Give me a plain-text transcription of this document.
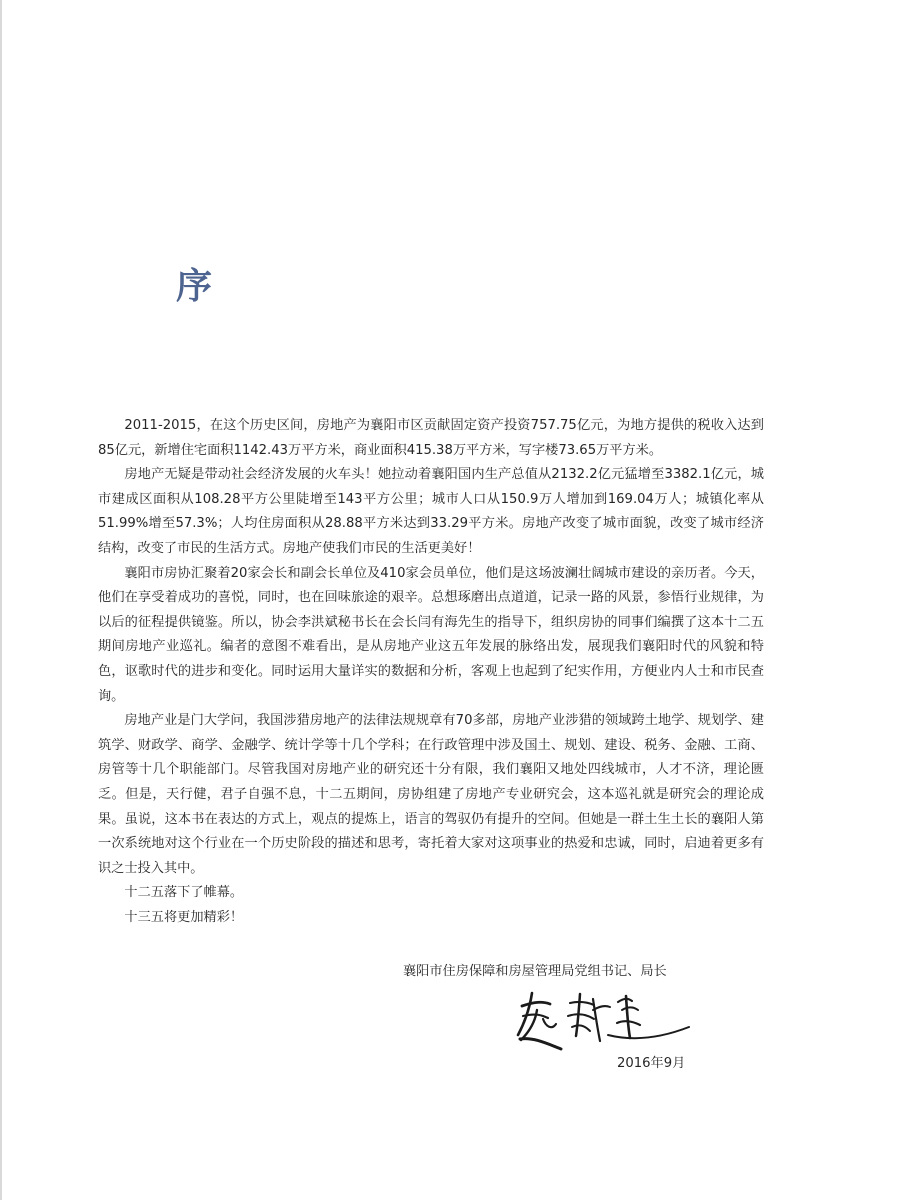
序

2011-2015，在这个历史区间，房地产为襄阳市区贡献固定资产投资757.75亿元，为地方提供的税收入达到85亿元，新增住宅面积1142.43万平方米，商业面积415.38万平方米，写字楼73.65万平方米。

房地产无疑是带动社会经济发展的火车头！她拉动着襄阳国内生产总值从2132.2亿元猛增至3382.1亿元，城市建成区面积从108.28平方公里陡增至143平方公里；城市人口从150.9万人增加到169.04万人；城镇化率从51.99%增至57.3%；人均住房面积从28.88平方米达到33.29平方米。房地产改变了城市面貌，改变了城市经济结构，改变了市民的生活方式。房地产使我们市民的生活更美好！

襄阳市房协汇聚着20家会长和副会长单位及410家会员单位，他们是这场波澜壮阔城市建设的亲历者。今天，他们在享受着成功的喜悦，同时，也在回味旅途的艰辛。总想琢磨出点道道，记录一路的风景，参悟行业规律，为以后的征程提供镜鉴。所以，协会李洪斌秘书长在会长闫有海先生的指导下，组织房协的同事们编撰了这本十二五期间房地产业巡礼。编者的意图不难看出，是从房地产业这五年发展的脉络出发，展现我们襄阳时代的风貌和特色，讴歌时代的进步和变化。同时运用大量详实的数据和分析，客观上也起到了纪实作用，方便业内人士和市民查询。

房地产业是门大学问，我国涉猎房地产的法律法规规章有70多部，房地产业涉猎的领域跨土地学、规划学、建筑学、财政学、商学、金融学、统计学等十几个学科；在行政管理中涉及国土、规划、建设、税务、金融、工商、房管等十几个职能部门。尽管我国对房地产业的研究还十分有限，我们襄阳又地处四线城市，人才不济，理论匮乏。但是，天行健，君子自强不息，十二五期间，房协组建了房地产专业研究会，这本巡礼就是研究会的理论成果。虽说，这本书在表达的方式上，观点的提炼上，语言的驾驭仍有提升的空间。但她是一群土生土长的襄阳人第一次系统地对这个行业在一个历史阶段的描述和思考，寄托着大家对这项事业的热爱和忠诚，同时，启迪着更多有识之士投入其中。

十二五落下了帷幕。

十三五将更加精彩！

襄阳市住房保障和房屋管理局党组书记、局长
2016年9月
